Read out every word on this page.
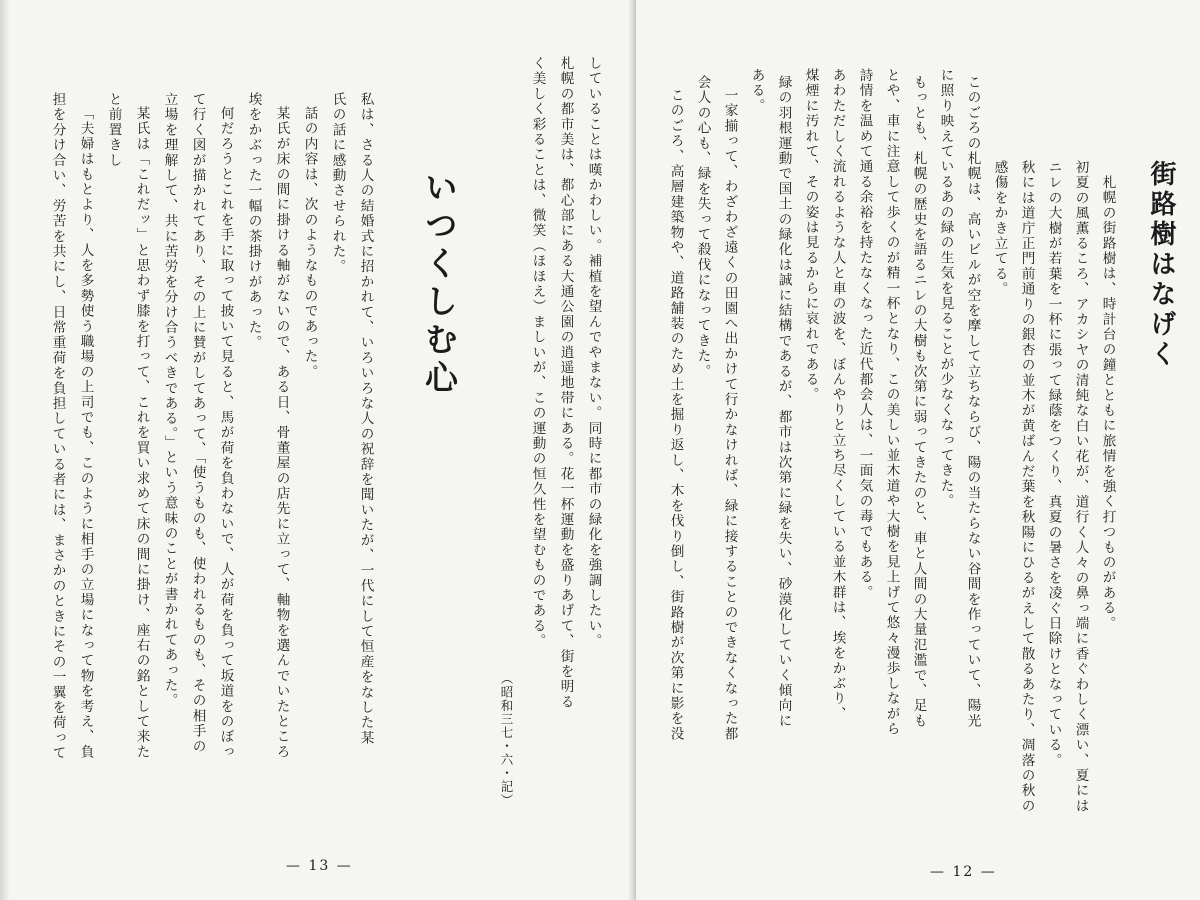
していることは嘆かわしい。補植を望んでやまない。同時に都市の緑化を強調したい。
札幌の都市美は、都心部にある大通公園の逍遥地帯にある。花一杯運動を盛りあげて、街を明る
く美しく彩ることは、微笑（ほほえ）ましいが、この運動の恒久性を望むものである。
（昭和三七・六・記）
いつくしむ心
私は、さる人の結婚式に招かれて、いろいろな人の祝辞を聞いたが、一代にして恒産をなした某
氏の話に感動させられた。
話の内容は、次のようなものであった。
某氏が床の間に掛ける軸がないので、ある日、骨董屋の店先に立って、軸物を選んでいたところ
埃をかぶった一幅の茶掛けがあった。
何だろうとこれを手に取って披いて見ると、馬が荷を負わないで、人が荷を負って坂道をのぼっ
て行く図が描かれてあり、その上に賛がしてあって、「使うものも、使われるものも、その相手の
立場を理解して、共に苦労を分け合うべきである。」という意味のことが書かれてあった。
某氏は「これだッ」と思わず膝を打って、これを買い求めて床の間に掛け、座右の銘として来た
と前置きし
「夫婦はもとより、人を多勢使う職場の上司でも、このように相手の立場になって物を考え、負
担を分け合い、労苦を共にし、日常重荷を負担している者には、まさかのときにその一翼を荷って
— 13 —
街路樹はなげく
札幌の街路樹は、時計台の鐘とともに旅情を強く打つものがある。
初夏の風薫るころ、アカシヤの清純な白い花が、道行く人々の鼻っ端に香ぐわしく漂い、夏には
ニレの大樹が若葉を一杯に張って緑蔭をつくり、真夏の暑さを凌ぐ日除けとなっている。
秋には道庁正門前通りの銀杏の並木が黄ばんだ葉を秋陽にひるがえして散るあたり、凋落の秋の
感傷をかき立てる。
このごろの札幌は、高いビルが空を摩して立ちならび、陽の当たらない谷間を作っていて、陽光
に照り映えているあの緑の生気を見ることが少なくなってきた。
もっとも、札幌の歴史を語るニレの大樹も次第に弱ってきたのと、車と人間の大量氾濫で、足も
とや、車に注意して歩くのが精一杯となり、この美しい並木道や大樹を見上げて悠々漫歩しながら
詩情を温めて通る余裕を持たなくなった近代都会人は、一面気の毒でもある。
あわただしく流れるような人と車の波を、ぼんやりと立ち尽くしている並木群は、埃をかぶり、
煤煙に汚れて、その姿は見るからに哀れである。
緑の羽根運動で国土の緑化は誠に結構であるが、都市は次第に緑を失い、砂漠化していく傾向に
ある。
一家揃って、わざわざ遠くの田園へ出かけて行かなければ、緑に接することのできなくなった都
会人の心も、緑を失って殺伐になってきた。
このごろ、高層建築物や、道路舗装のため土を掘り返し、木を伐り倒し、街路樹が次第に影を没
— 12 —
